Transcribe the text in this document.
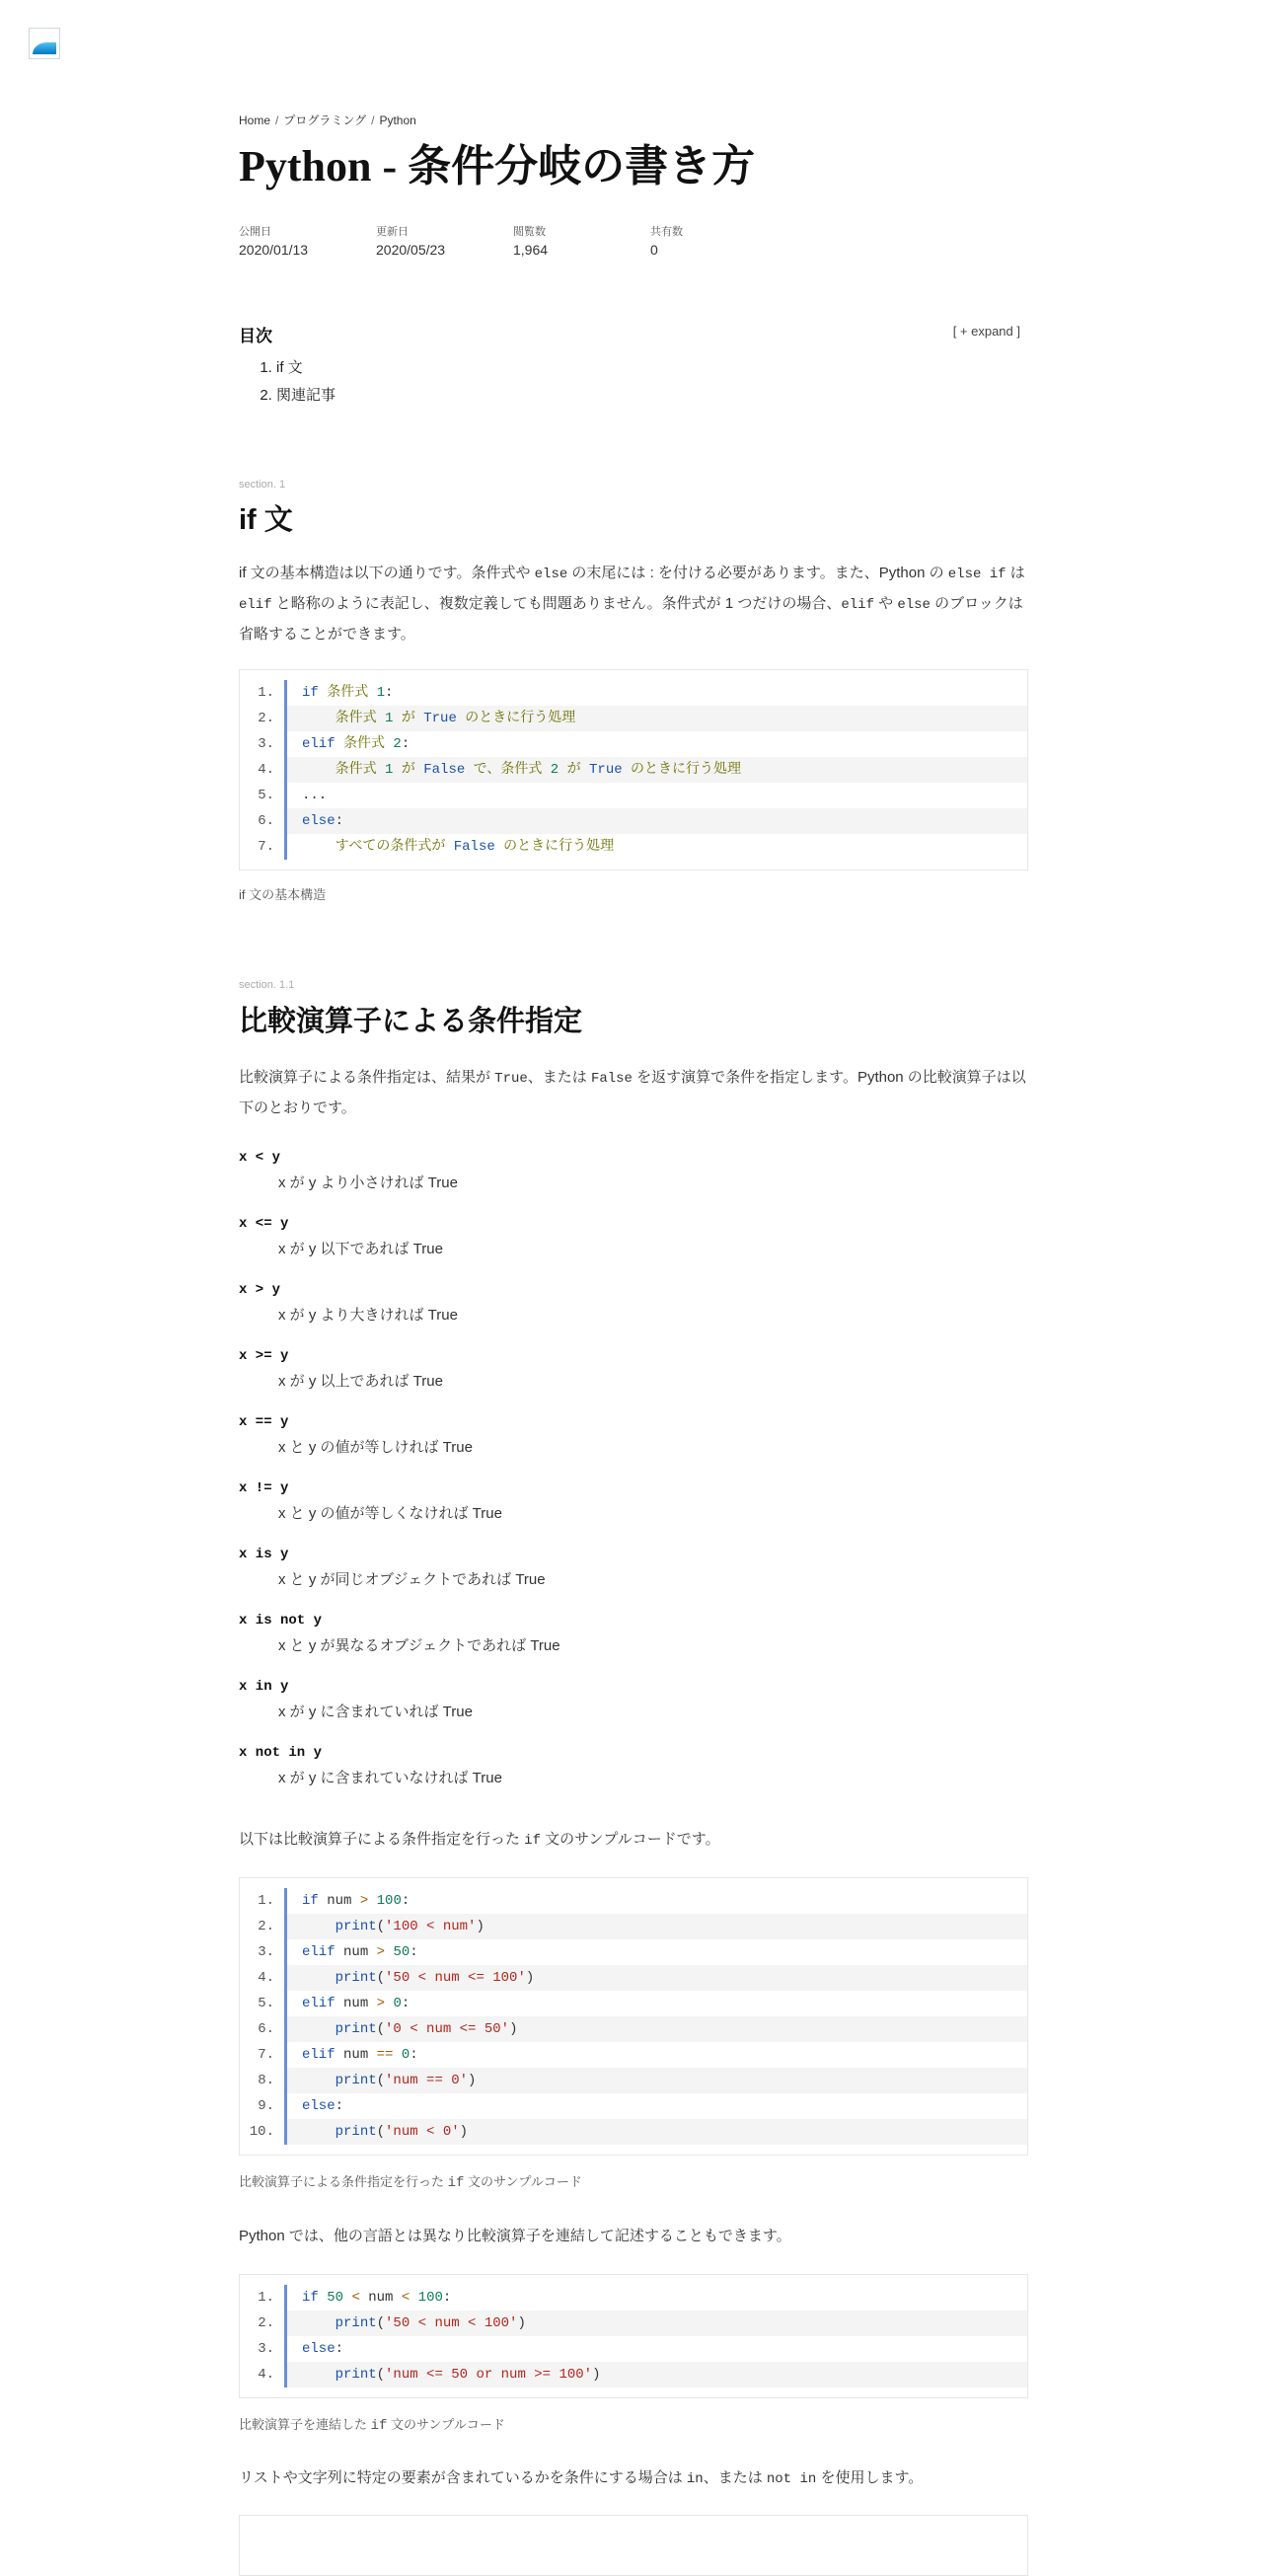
Home / プログラミング / Python
Python - 条件分岐の書き方
公開日
2020/01/13
更新日
2020/05/23
閲覧数
1,964
共有数
0
目次	[ + expand ]
1. if 文
2. 関連記事
section. 1
if 文

if 文の基本構造は以下の通りです。条件式や else の末尾には : を付ける必要があります。また、Python の else if は elif と略称のように表記し、複数定義しても問題ありません。条件式が 1 つだけの場合、elif や else のブロックは省略することができます。

1.	if 条件式 1:
2.	条件式 1 が True のときに行う処理
3.	elif 条件式 2:
4.	条件式 1 が False で、条件式 2 が True のときに行う処理
5.	...
6.	else:
7.	すべての条件式が False のときに行う処理
if 文の基本構造
section. 1.1
比較演算子による条件指定

比較演算子による条件指定は、結果が True、または False を返す演算で条件を指定します。Python の比較演算子は以下のとおりです。

x < y
x が y より小さければ True
x <= y
x が y 以下であれば True
x > y
x が y より大きければ True
x >= y
x が y 以上であれば True
x == y
x と y の値が等しければ True
x != y
x と y の値が等しくなければ True
x is y
x と y が同じオブジェクトであれば True
x is not y
x と y が異なるオブジェクトであれば True
x in y
x が y に含まれていれば True
x not in y
x が y に含まれていなければ True

以下は比較演算子による条件指定を行った if 文のサンプルコードです。

1.	if num > 100:
2.	print('100 < num')
3.	elif num > 50:
4.	print('50 < num <= 100')
5.	elif num > 0:
6.	print('0 < num <= 50')
7.	elif num == 0:
8.	print('num == 0')
9.	else:
10.	print('num < 0')
比較演算子による条件指定を行った if 文のサンプルコード

Python では、他の言語とは異なり比較演算子を連結して記述することもできます。

1.	if 50 < num < 100:
2.	print('50 < num < 100')
3.	else:
4.	print('num <= 50 or num >= 100')
比較演算子を連結した if 文のサンプルコード

リストや文字列に特定の要素が含まれているかを条件にする場合は in、または not in を使用します。
